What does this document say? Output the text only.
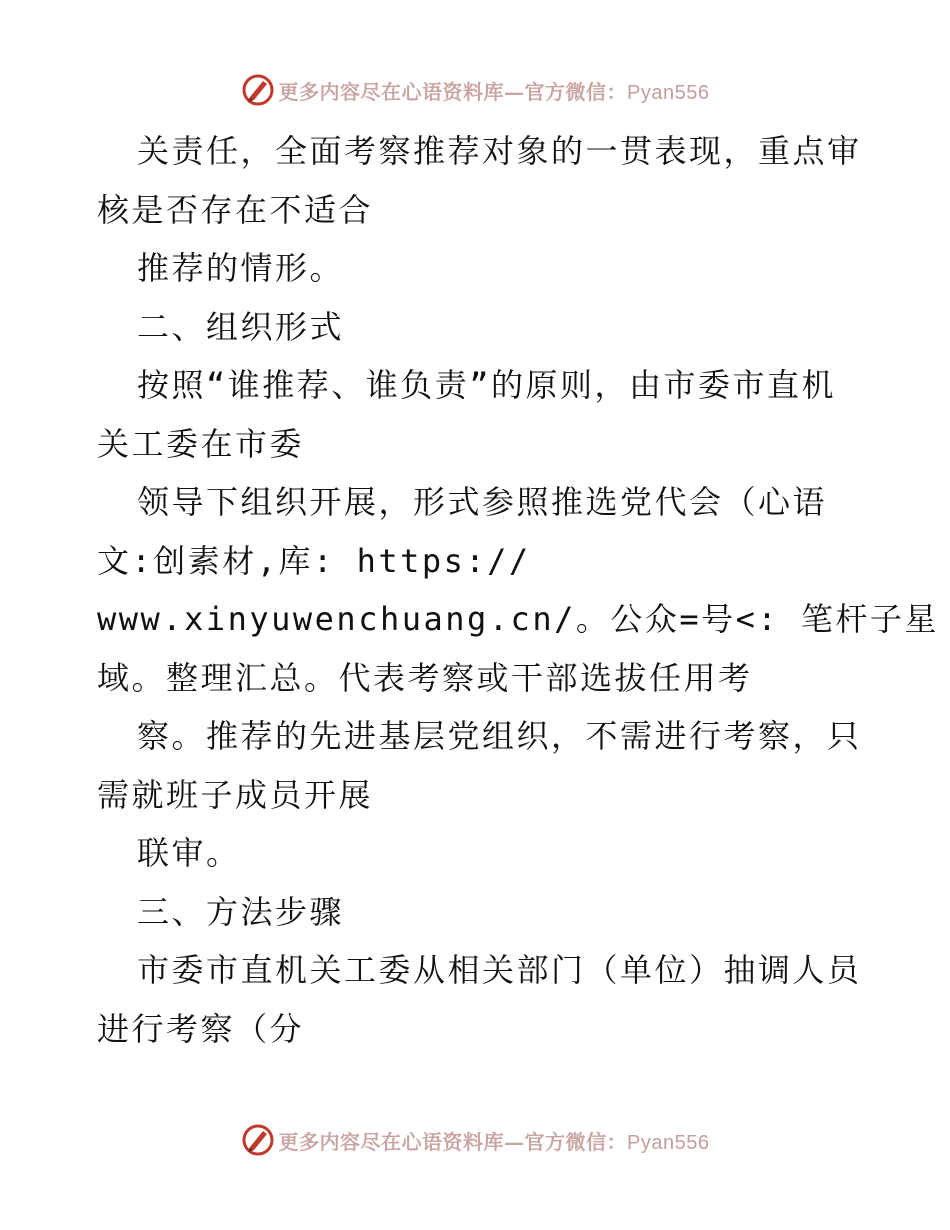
更多内容尽在心语资料库—官方微信：Pyan556
关责任，全面考察推荐对象的一贯表现，重点审
核是否存在不适合
推荐的情形。
二、组织形式
按照“谁推荐、谁负责”的原则，由市委市直机
关工委在市委
领导下组织开展，形式参照推选党代会（心语
文:创素材,库: https://
www.xinyuwenchuang.cn/。公众=号<: 笔杆子星
域。整理汇总。代表考察或干部选拔任用考
察。推荐的先进基层党组织，不需进行考察，只
需就班子成员开展
联审。
三、方法步骤
市委市直机关工委从相关部门（单位）抽调人员
进行考察（分
更多内容尽在心语资料库—官方微信：Pyan556
